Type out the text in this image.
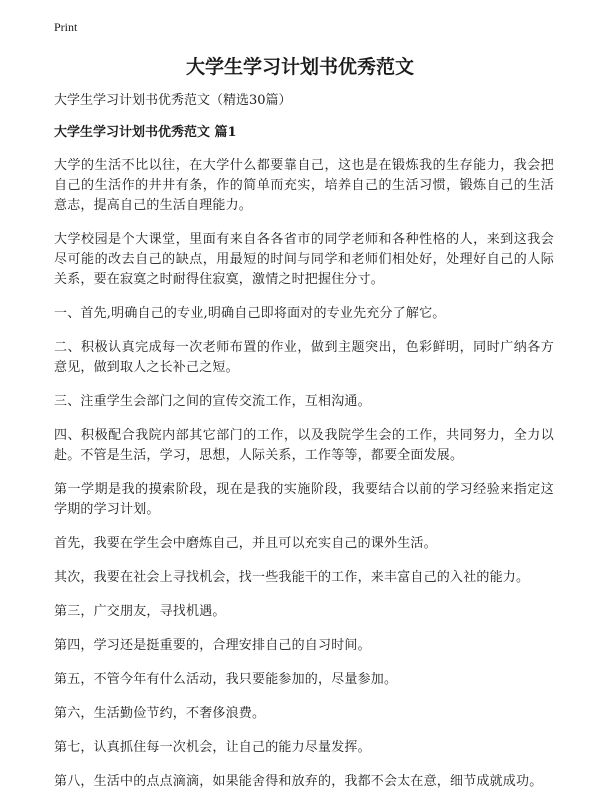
Print
大学生学习计划书优秀范文
大学生学习计划书优秀范文（精选30篇）
大学生学习计划书优秀范文 篇1

大学的生活不比以往，在大学什么都要靠自己，这也是在锻炼我的生存能力，我会把自己的生活作的井井有条，作的简单而充实，培养自己的生活习惯，锻炼自己的生活意志，提高自己的生活自理能力。

大学校园是个大课堂，里面有来自各各省市的同学老师和各种性格的人，来到这我会尽可能的改去自己的缺点，用最短的时间与同学和老师们相处好，处理好自己的人际关系，要在寂寞之时耐得住寂寞，激情之时把握住分寸。

一、首先,明确自己的专业,明确自己即将面对的专业先充分了解它。

二、积极认真完成每一次老师布置的作业，做到主题突出，色彩鲜明，同时广纳各方意见，做到取人之长补己之短。

三、注重学生会部门之间的宣传交流工作，互相沟通。

四、积极配合我院内部其它部门的工作，以及我院学生会的工作，共同努力，全力以赴。不管是生活，学习，思想，人际关系，工作等等，都要全面发展。

第一学期是我的摸索阶段，现在是我的实施阶段，我要结合以前的学习经验来指定这学期的学习计划。

首先，我要在学生会中磨炼自己，并且可以充实自己的课外生活。

其次，我要在社会上寻找机会，找一些我能干的工作，来丰富自己的入社的能力。

第三，广交朋友，寻找机遇。

第四，学习还是挺重要的，合理安排自己的自习时间。

第五，不管今年有什么活动，我只要能参加的，尽量参加。

第六，生活勤俭节约，不奢侈浪费。

第七，认真抓住每一次机会，让自己的能力尽量发挥。

第八，生活中的点点滴滴，如果能舍得和放弃的，我都不会太在意，细节成就成功。
